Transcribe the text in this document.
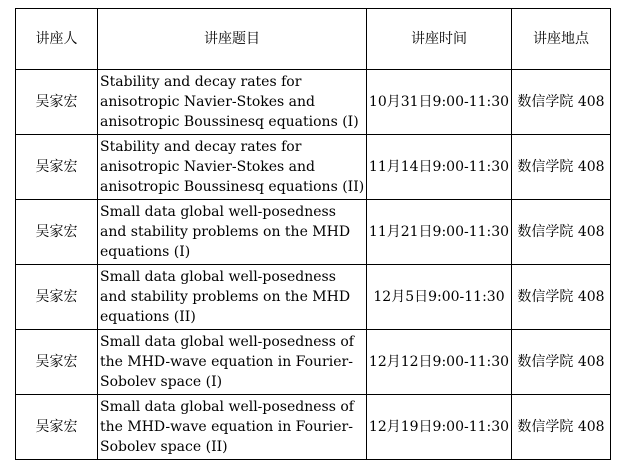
讲座人	讲座题目	讲座时间	讲座地点
吴家宏	Stability and decay rates for anisotropic Navier-Stokes and anisotropic Boussinesq equations (I)	10月31日9:00-11:30	数信学院 408
吴家宏	Stability and decay rates for anisotropic Navier-Stokes and anisotropic Boussinesq equations (II)	11月14日9:00-11:30	数信学院 408
吴家宏	Small data global well-posedness and stability problems on the MHD equations (I)	11月21日9:00-11:30	数信学院 408
吴家宏	Small data global well-posedness and stability problems on the MHD equations (II)	12月5日9:00-11:30	数信学院 408
吴家宏	Small data global well-posedness of the MHD-wave equation in Fourier-Sobolev space (I)	12月12日9:00-11:30	数信学院 408
吴家宏	Small data global well-posedness of the MHD-wave equation in Fourier-Sobolev space (II)	12月19日9:00-11:30	数信学院 408
